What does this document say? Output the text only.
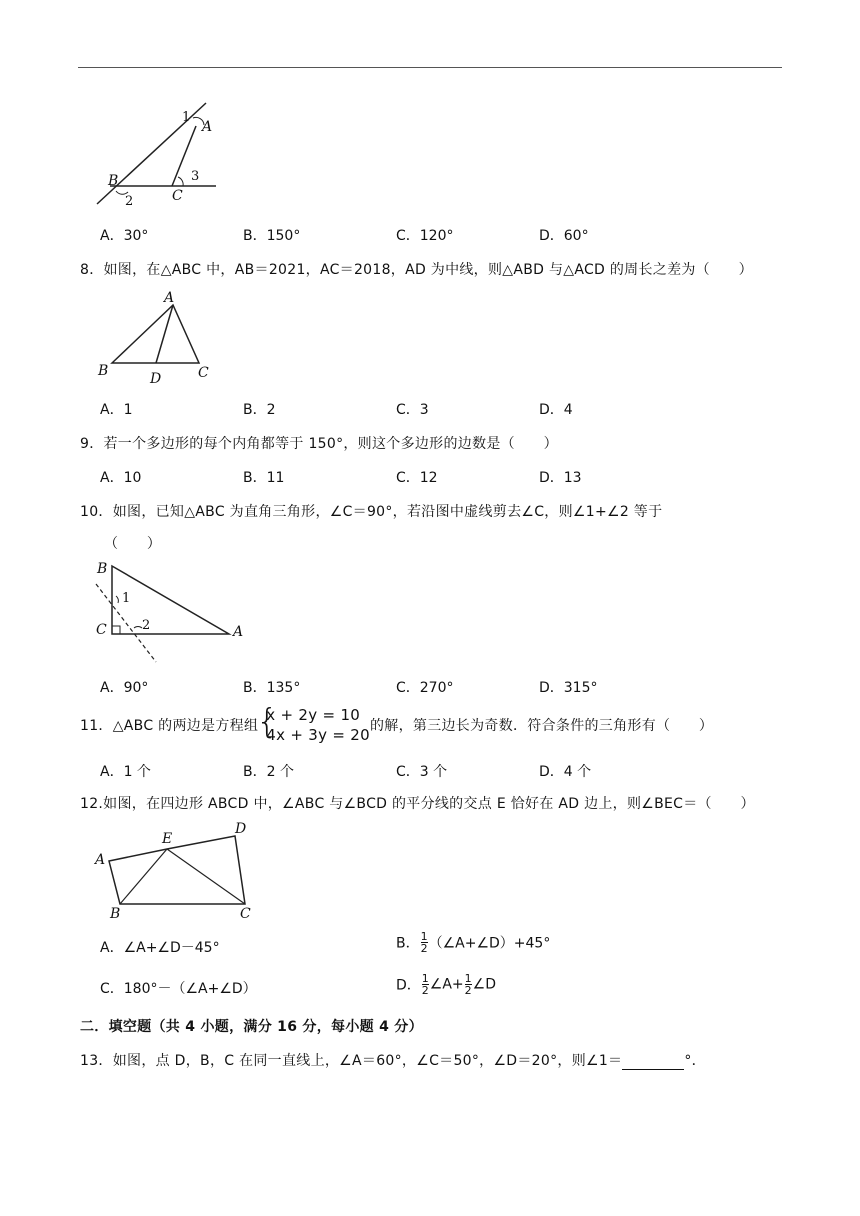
1
A
B
2	C
3
A．30°	B．150°	C．120°	D．60°
8．如图，在△ABC 中，AB＝2021，AC＝2018，AD 为中线，则△ABD 与△ACD 的周长之差为（　　）
A
B	D	C
A．1	B．2	C．3	D．4
9．若一个多边形的每个内角都等于 150°，则这个多边形的边数是（　　）
A．10	B．11	C．12	D．13
10．如图，已知△ABC 为直角三角形，∠C＝90°，若沿图中虚线剪去∠C，则∠1+∠2 等于
（　　）
B
1
C	2	A
A．90°	B．135°	C．270°	D．315°
11．△ABC 的两边是方程组
{
x + 2y = 10
4x + 3y = 20 的解，第三边长为奇数．符合条件的三角形有（　　）
A．1 个	B．2 个	C．3 个	D．4 个
12.如图，在四边形 ABCD 中，∠ABC 与∠BCD 的平分线的交点 E 恰好在 AD 边上，则∠BEC＝（　　）
A
E
D
B	C
A．∠A+∠D－45°	B． $\frac{1}{2}$ （∠A+∠D）+45°
C．180°－（∠A+∠D）	D． $\frac{1}{2}$ ∠A+ $\frac{1}{2}$ ∠D
二．填空题（共 4 小题，满分 16 分，每小题 4 分）
13．如图，点 D，B，C 在同一直线上，∠A＝60°，∠C＝50°，∠D＝20°，则∠1＝	°．
